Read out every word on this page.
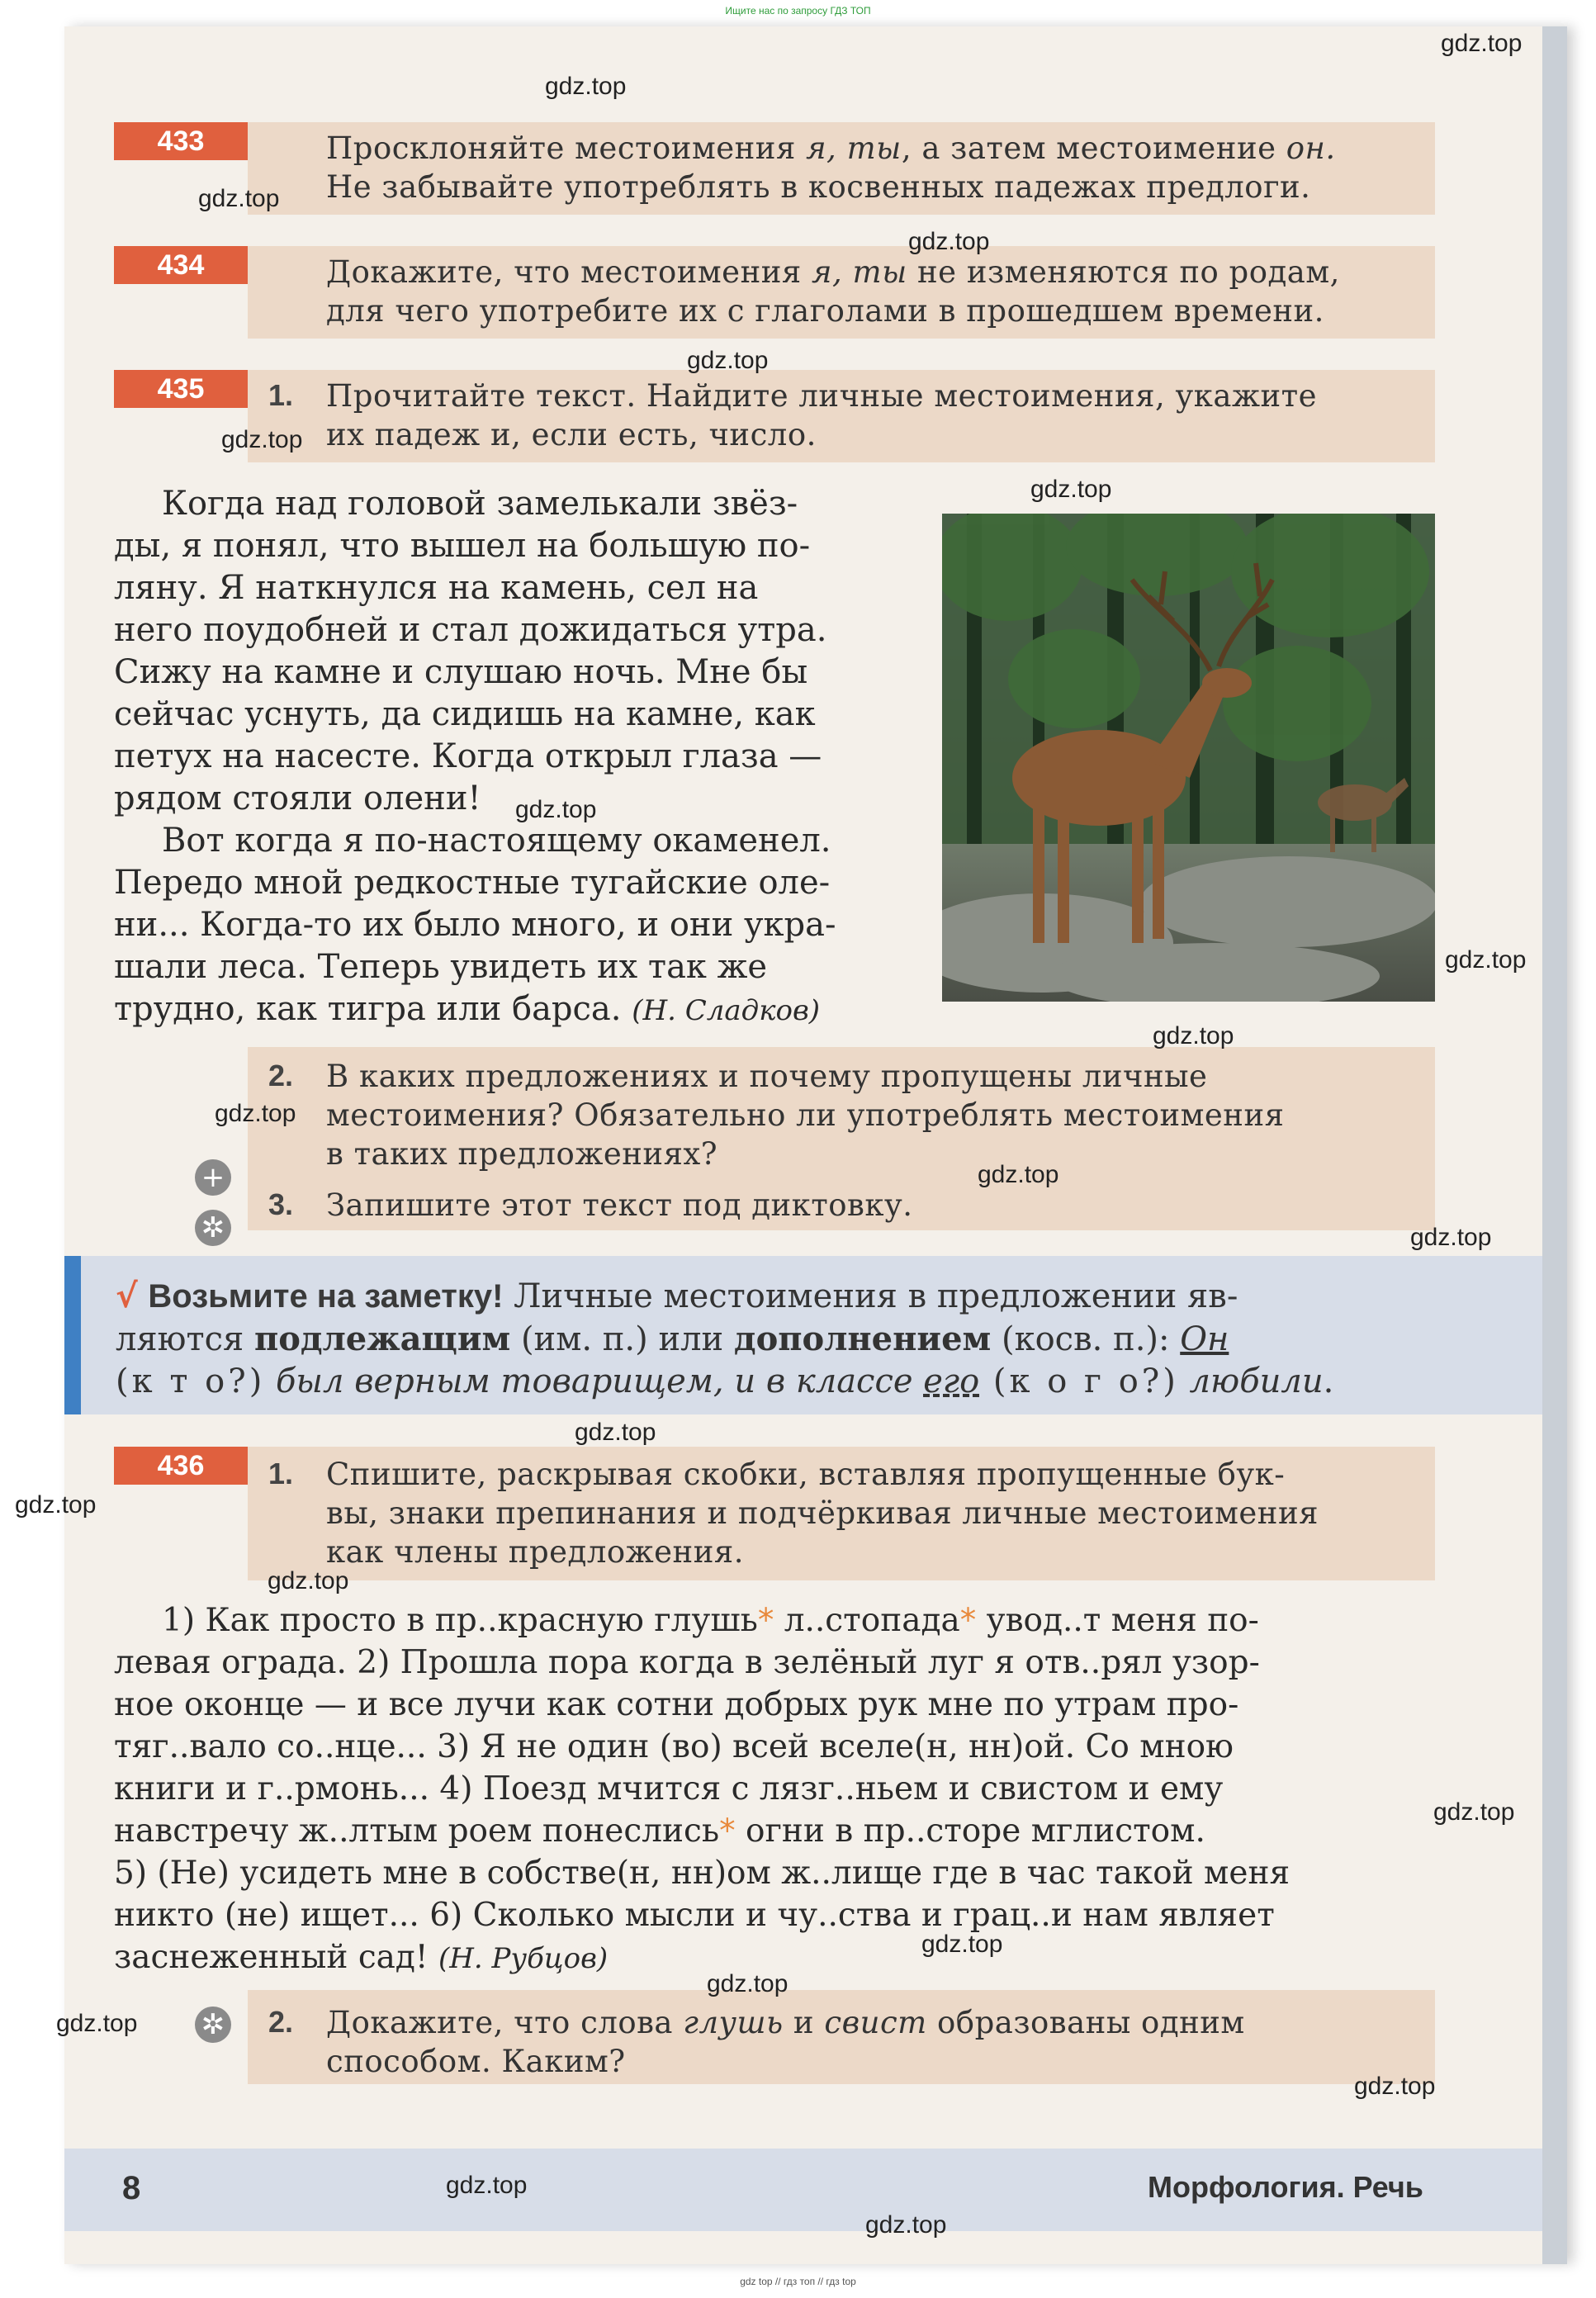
Ищите нас по запросу ГДЗ ТОП
433	Просклоняйте местоимения я, ты, а затем местоимение он.
Не забывайте употреблять в косвенных падежах предлоги.
434	Докажите, что местоимения я, ты не изменяются по родам,
для чего употребите их с глаголами в прошедшем времени.
435	1. Прочитайте текст. Найдите личные местоимения, укажите
их падеж и, если есть, число.
Когда над головой замелькали звёз-
ды, я понял, что вышел на большую по-
ляну. Я наткнулся на камень, сел на
него поудобней и стал дожидаться утра.
Сижу на камне и слушаю ночь. Мне бы
сейчас уснуть, да сидишь на камне, как
петух на насесте. Когда открыл глаза —
рядом стояли олени!
Вот когда я по-настоящему окаменел.
Передо мной редкостные тугайские оле-
ни... Когда-то их было много, и они укра-
шали леса. Теперь увидеть их так же
трудно, как тигра или барса. (Н. Сладков)
2. В каких предложениях и почему пропущены личные
местоимения? Обязательно ли употреблять местоимения
в таких предложениях?
+
3. Запишите этот текст под диктовку.
✲
√ Возьмите на заметку! Личные местоимения в предложении яв-
ляются подлежащим (им. п.) или дополнением (косв. п.): Он
(к т о?) был верным товарищем, и в классе его (к о г о?) любили.
436	1. Спишите, раскрывая скобки, вставляя пропущенные бук-
вы, знаки препинания и подчёркивая личные местоимения
как члены предложения.
1) Как просто в пр..красную глушь* л..стопада* увод..т меня по-
левая ограда. 2) Прошла пора когда в зелёный луг я отв..рял узор-
ное оконце — и все лучи как сотни добрых рук мне по утрам про-
тяг..вало со..нце... 3) Я не один (во) всей вселе(н, нн)ой. Со мною
книги и г..рмонь... 4) Поезд мчится с лязг..ньем и свистом и ему
навстречу ж..лтым роем понеслись* огни в пр..сторе мглистом.
5) (Не) усидеть мне в собстве(н, нн)ом ж..лище где в час такой меня
никто (не) ищет... 6) Сколько мысли и чу..ства и грац..и нам являет
заснеженный сад! (Н. Рубцов)
✲ 2. Докажите, что слова глушь и свист образованы одним
способом. Каким?
8	Морфология. Речь
gdz top // гдз топ // гдз top
gdz.top
gdz.top
gdz.top
gdz.top
gdz.top
gdz.top
gdz.top
gdz.top
gdz.top
gdz.top
gdz.top
gdz.top
gdz.top
gdz.top
gdz.top
gdz.top
gdz.top
gdz.top
gdz.top
gdz.top
gdz.top
gdz.top
gdz.top
